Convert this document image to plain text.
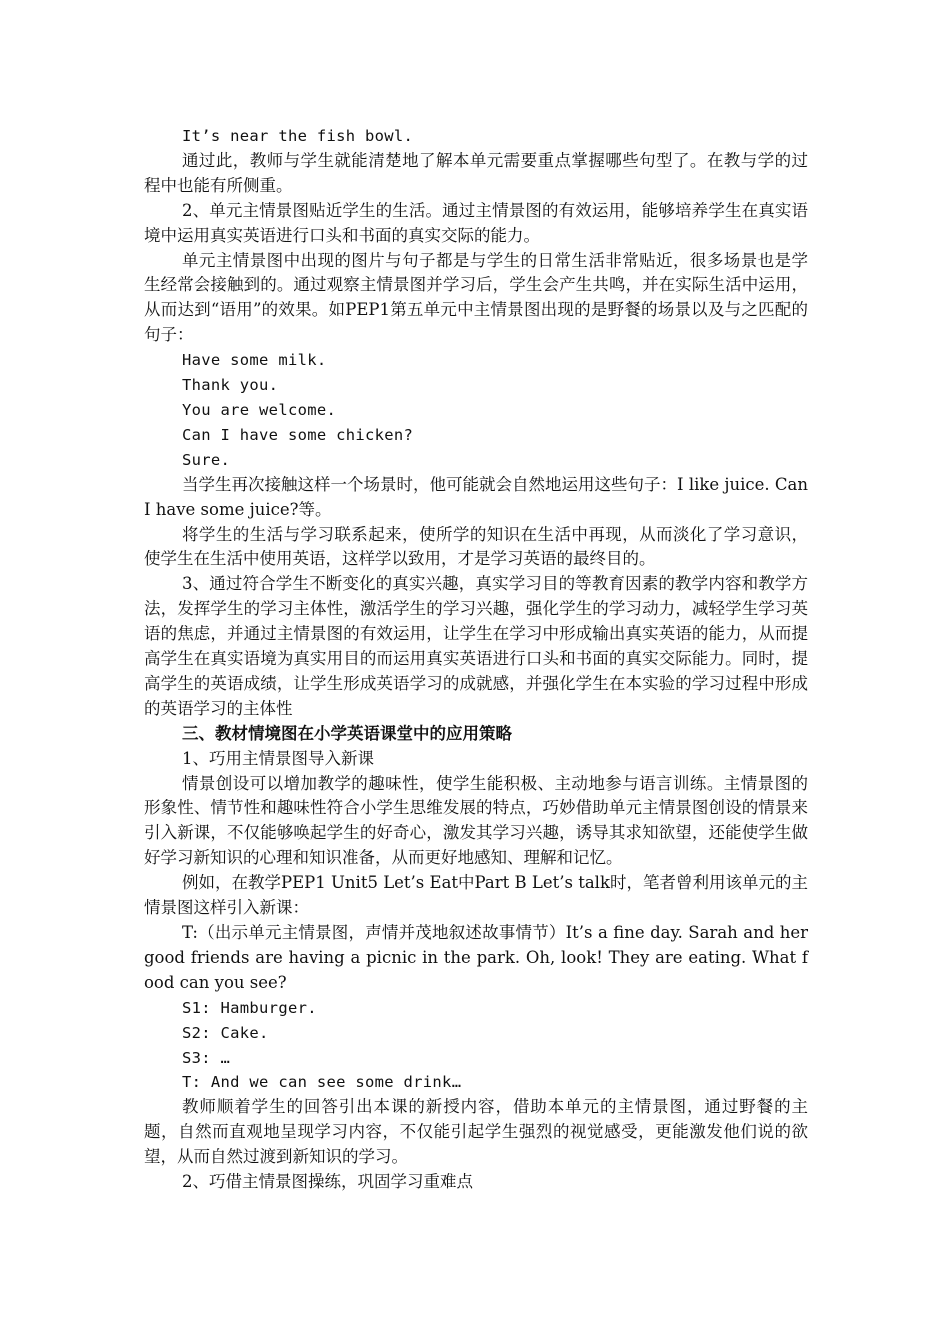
It’s near the fish bowl.

通过此，教师与学生就能清楚地了解本单元需要重点掌握哪些句型了。在教与学的过程中也能有所侧重。

2、单元主情景图贴近学生的生活。通过主情景图的有效运用，能够培养学生在真实语境中运用真实英语进行口头和书面的真实交际的能力。

单元主情景图中出现的图片与句子都是与学生的日常生活非常贴近，很多场景也是学生经常会接触到的。通过观察主情景图并学习后，学生会产生共鸣，并在实际生活中运用，从而达到“语用”的效果。如PEP1第五单元中主情景图出现的是野餐的场景以及与之匹配的句子：

Have some milk.

Thank you.

You are welcome.

Can I have some chicken?

Sure.

当学生再次接触这样一个场景时，他可能就会自然地运用这些句子：I like juice. Can I have some juice?等。

将学生的生活与学习联系起来，使所学的知识在生活中再现，从而淡化了学习意识，使学生在生活中使用英语，这样学以致用，才是学习英语的最终目的。

3、通过符合学生不断变化的真实兴趣，真实学习目的等教育因素的教学内容和教学方法，发挥学生的学习主体性，激活学生的学习兴趣，强化学生的学习动力，减轻学生学习英语的焦虑，并通过主情景图的有效运用，让学生在学习中形成输出真实英语的能力，从而提高学生在真实语境为真实用目的而运用真实英语进行口头和书面的真实交际能力。同时，提高学生的英语成绩，让学生形成英语学习的成就感，并强化学生在本实验的学习过程中形成的英语学习的主体性

三、教材情境图在小学英语课堂中的应用策略

1、巧用主情景图导入新课

情景创设可以增加教学的趣味性，使学生能积极、主动地参与语言训练。主情景图的形象性、情节性和趣味性符合小学生思维发展的特点，巧妙借助单元主情景图创设的情景来引入新课，不仅能够唤起学生的好奇心，激发其学习兴趣，诱导其求知欲望，还能使学生做好学习新知识的心理和知识准备，从而更好地感知、理解和记忆。

例如，在教学PEP1 Unit5 Let’s Eat中Part B Let’s talk时，笔者曾利用该单元的主情景图这样引入新课：

T:（出示单元主情景图，声情并茂地叙述故事情节）It’s a fine day. Sarah and her good friends are having a picnic in the park. Oh, look! They are eating. What food can you see?

S1: Hamburger.

S2: Cake.

S3: …

T: And we can see some drink…

教师顺着学生的回答引出本课的新授内容，借助本单元的主情景图，通过野餐的主题，自然而直观地呈现学习内容，不仅能引起学生强烈的视觉感受，更能激发他们说的欲望，从而自然过渡到新知识的学习。

2、巧借主情景图操练，巩固学习重难点
